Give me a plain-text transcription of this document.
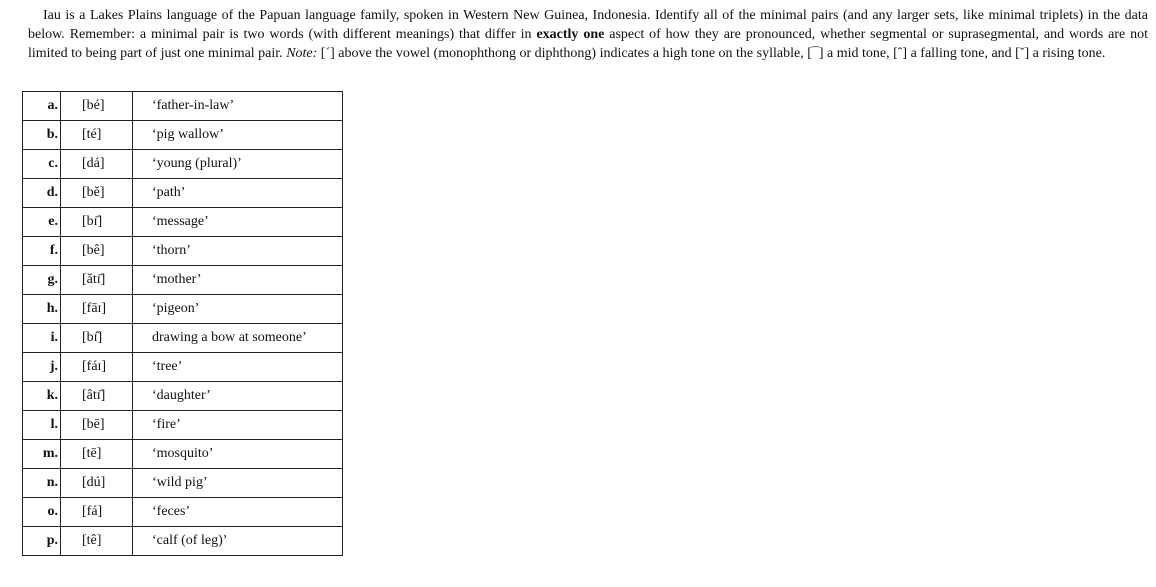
Iau is a Lakes Plains language of the Papuan language family, spoken in Western New Guinea, Indonesia. Identify all of the minimal pairs (and any larger sets, like minimal triplets) in the data below. Remember: a minimal pair is two words (with different meanings) that differ in exactly one aspect of how they are pronounced, whether segmental or suprasegmental, and words are not limited to being part of just one minimal pair. Note: [´] above the vowel (monophthong or diphthong) indicates a high tone on the syllable, [¯] a mid tone, [ˆ] a falling tone, and [ˇ] a rising tone.

a.	[bé]	‘father-in-law’
b.	[té]	‘pig wallow’
c.	[dá]	‘young (plural)’
d.	[bě]	‘path’
e.	[bɪ̄]	‘message’
f.	[bê]	‘thorn’
g.	[ǎtɪ̄]	‘mother’
h.	[fāɪ]	‘pigeon’
i.	[bɪ̂]	drawing a bow at someone’
j.	[fáɪ]	‘tree’
k.	[âtɪ̄]	‘daughter’
l.	[bē]	‘fire’
m.	[tē]	‘mosquito’
n.	[dú]	‘wild pig’
o.	[fá]	‘feces’
p.	[tê]	‘calf (of leg)’
